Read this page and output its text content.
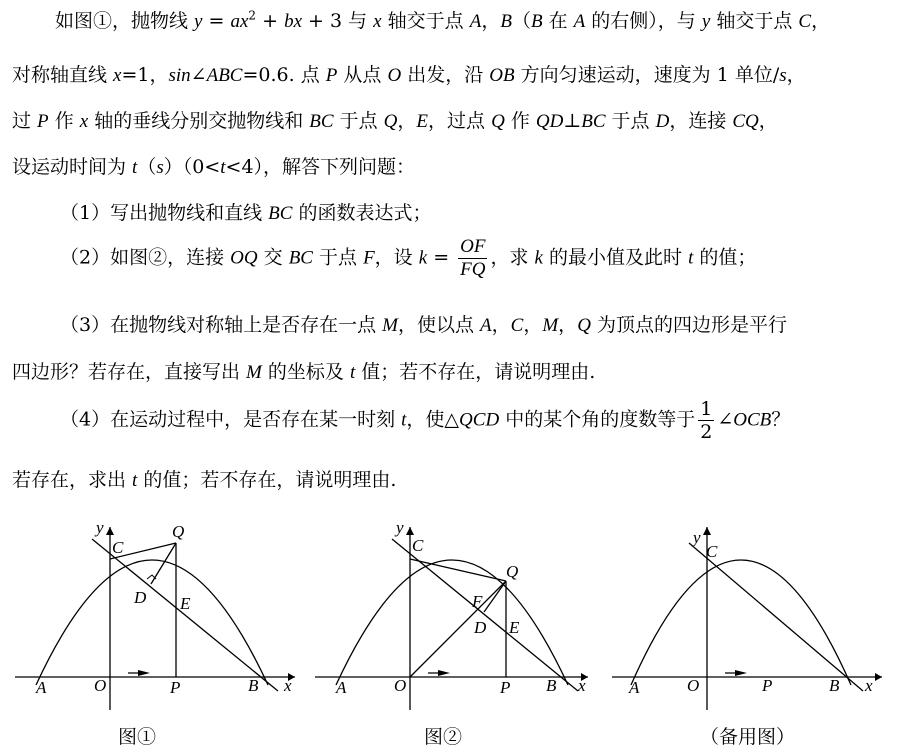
如图①，抛物线 $y = ax^2$ + bx + 3 与 x 轴交于点 A，B（B 在 A 的右侧），与 y 轴交于点 C，
对称轴直线 x=1，sin∠ABC=0.6. 点 P 从点 O 出发，沿 OB 方向匀速运动，速度为 1 单位/s，
过 P 作 x 轴的垂线分别交抛物线和 BC 于点 Q，E，过点 Q 作 QD⊥BC 于点 D，连接 CQ，
设运动时间为 t（s）（0<t<4），解答下列问题：
（1）写出抛物线和直线 BC 的函数表达式；
（2）如图②，连接 OQ 交 BC 于点 F，设 $k = \frac{OF}{FQ}$ ，求 k 的最小值及此时 t 的值；
（3）在抛物线对称轴上是否存在一点 M，使以点 A，C，M，Q 为顶点的四边形是平行
四边形？若存在，直接写出 M 的坐标及 t 值；若不存在，请说明理由.
（4）在运动过程中，是否存在某一时刻 t，使△QCD 中的某个角的度数等于 $\frac{1}{2}$ ∠OCB？
若存在，求出 t 的值；若不存在，请说明理由.
y
C
Q
D E
A	O	P	B x
图①
y
C
Q
F
D E
A	O	P B x
图②
y
C
A	O	P	B x
（备用图）
